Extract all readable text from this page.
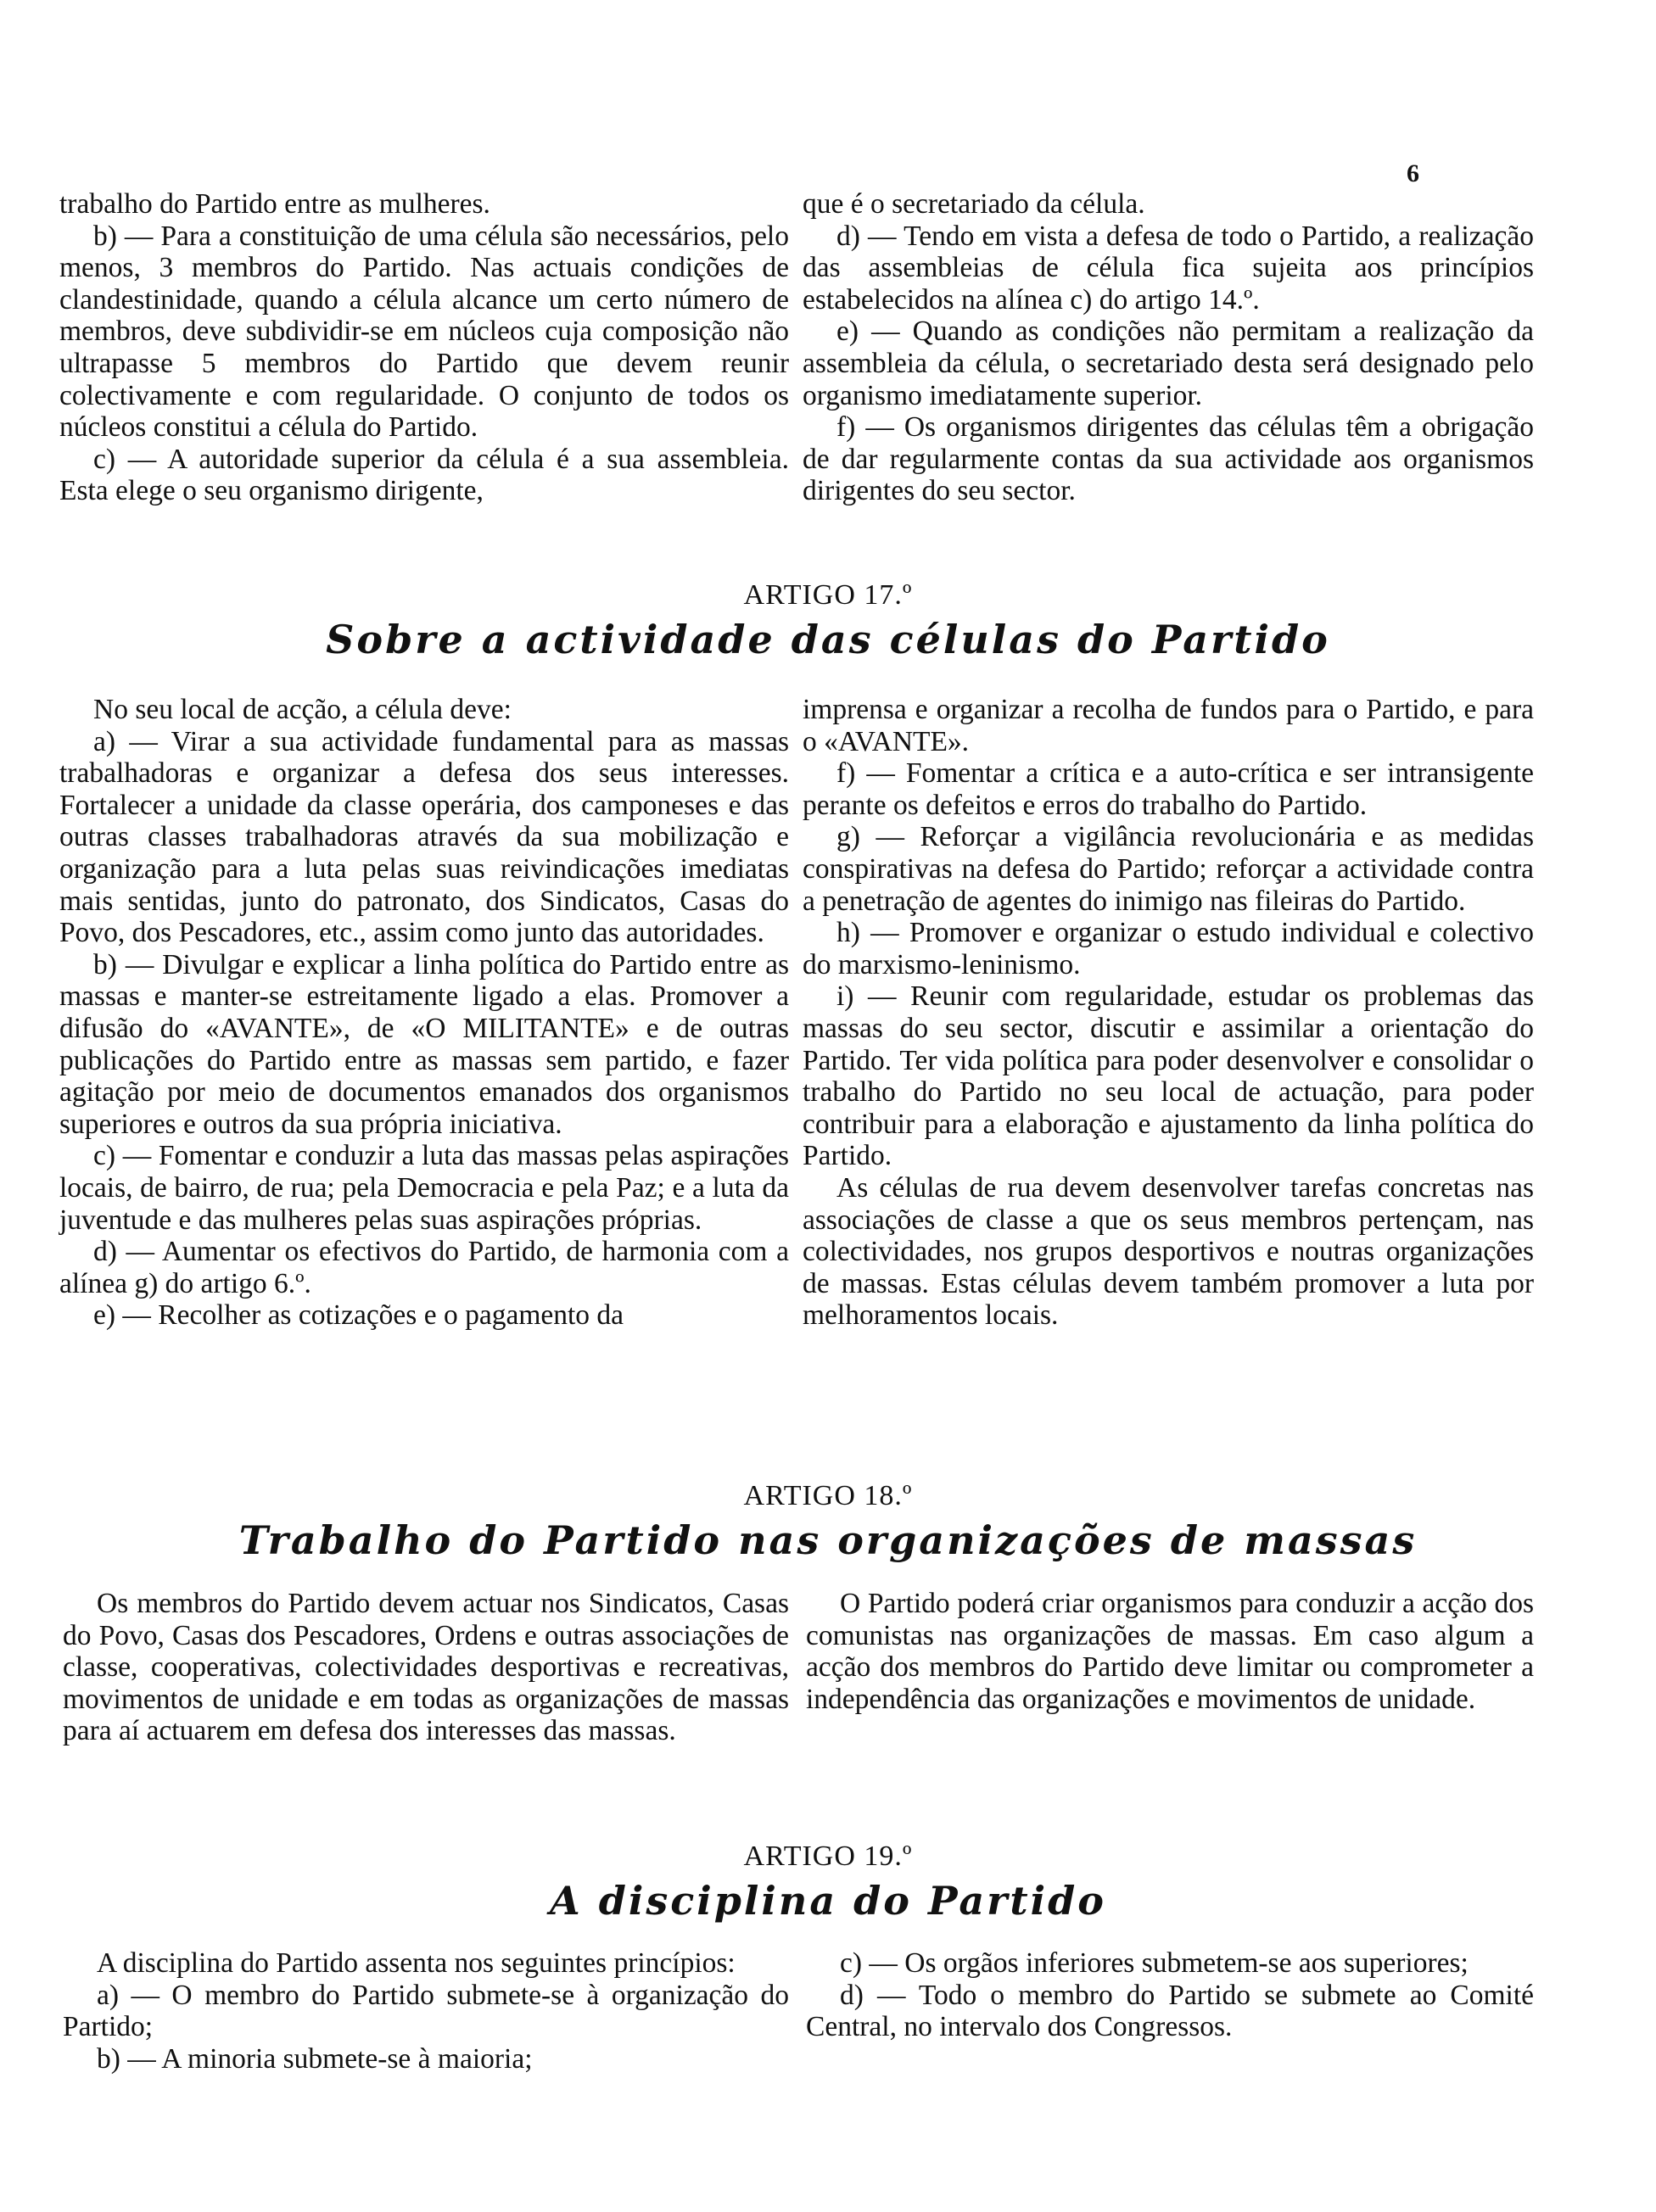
6

trabalho do Partido entre as mulheres.

b) — Para a constituição de uma célula são necessários, pelo menos, 3 membros do Partido. Nas actuais condições de clandestinidade, quando a célula alcance um certo número de membros, deve subdividir-se em núcleos cuja composição não ultrapasse 5 membros do Partido que devem reunir colectivamente e com regularidade. O conjunto de todos os núcleos constitui a célula do Partido.

c) — A autoridade superior da célula é a sua assembleia. Esta elege o seu organismo dirigente,

que é o secretariado da célula.

d) — Tendo em vista a defesa de todo o Partido, a realização das assembleias de célula fica sujeita aos princípios estabelecidos na alínea c) do artigo 14.º.

e) — Quando as condições não permitam a realização da assembleia da célula, o secretariado desta será designado pelo organismo imediatamente superior.

f) — Os organismos dirigentes das células têm a obrigação de dar regularmente contas da sua actividade aos organismos dirigentes do seu sector.

ARTIGO 17.º
Sobre a actividade das células do Partido

No seu local de acção, a célula deve:

a) — Virar a sua actividade fundamental para as massas trabalhadoras e organizar a defesa dos seus interesses. Fortalecer a unidade da classe operária, dos camponeses e das outras classes trabalhadoras através da sua mobilização e organização para a luta pelas suas reivindicações imediatas mais sentidas, junto do patronato, dos Sindicatos, Casas do Povo, dos Pescadores, etc., assim como junto das autoridades.

b) — Divulgar e explicar a linha política do Partido entre as massas e manter-se estreitamente ligado a elas. Promover a difusão do «AVANTE», de «O MILITANTE» e de outras publicações do Partido entre as massas sem partido, e fazer agitação por meio de documentos emanados dos organismos superiores e outros da sua própria iniciativa.

c) — Fomentar e conduzir a luta das massas pelas aspirações locais, de bairro, de rua; pela Democracia e pela Paz; e a luta da juventude e das mulheres pelas suas aspirações próprias.

d) — Aumentar os efectivos do Partido, de harmonia com a alínea g) do artigo 6.º.

e) — Recolher as cotizações e o pagamento da

imprensa e organizar a recolha de fundos para o Partido, e para o «AVANTE».

f) — Fomentar a crítica e a auto-crítica e ser intransigente perante os defeitos e erros do trabalho do Partido.

g) — Reforçar a vigilância revolucionária e as medidas conspirativas na defesa do Partido; reforçar a actividade contra a penetração de agentes do inimigo nas fileiras do Partido.

h) — Promover e organizar o estudo individual e colectivo do marxismo-leninismo.

i) — Reunir com regularidade, estudar os problemas das massas do seu sector, discutir e assimilar a orientação do Partido. Ter vida política para poder desenvolver e consolidar o trabalho do Partido no seu local de actuação, para poder contribuir para a elaboração e ajustamento da linha política do Partido.

As células de rua devem desenvolver tarefas concretas nas associações de classe a que os seus membros pertençam, nas colectividades, nos grupos desportivos e noutras organizações de massas. Estas células devem também promover a luta por melhoramentos locais.

ARTIGO 18.º
Trabalho do Partido nas organizações de massas

Os membros do Partido devem actuar nos Sindicatos, Casas do Povo, Casas dos Pescadores, Ordens e outras associações de classe, cooperativas, colectividades desportivas e recreativas, movimentos de unidade e em todas as organizações de massas para aí actuarem em defesa dos interesses das massas.

O Partido poderá criar organismos para conduzir a acção dos comunistas nas organizações de massas. Em caso algum a acção dos membros do Partido deve limitar ou comprometer a independência das organizações e movimentos de unidade.

ARTIGO 19.º
A disciplina do Partido

A disciplina do Partido assenta nos seguintes princípios:

a) — O membro do Partido submete-se à organização do Partido;

b) — A minoria submete-se à maioria;

c) — Os orgãos inferiores submetem-se aos superiores;

d) — Todo o membro do Partido se submete ao Comité Central, no intervalo dos Congressos.
